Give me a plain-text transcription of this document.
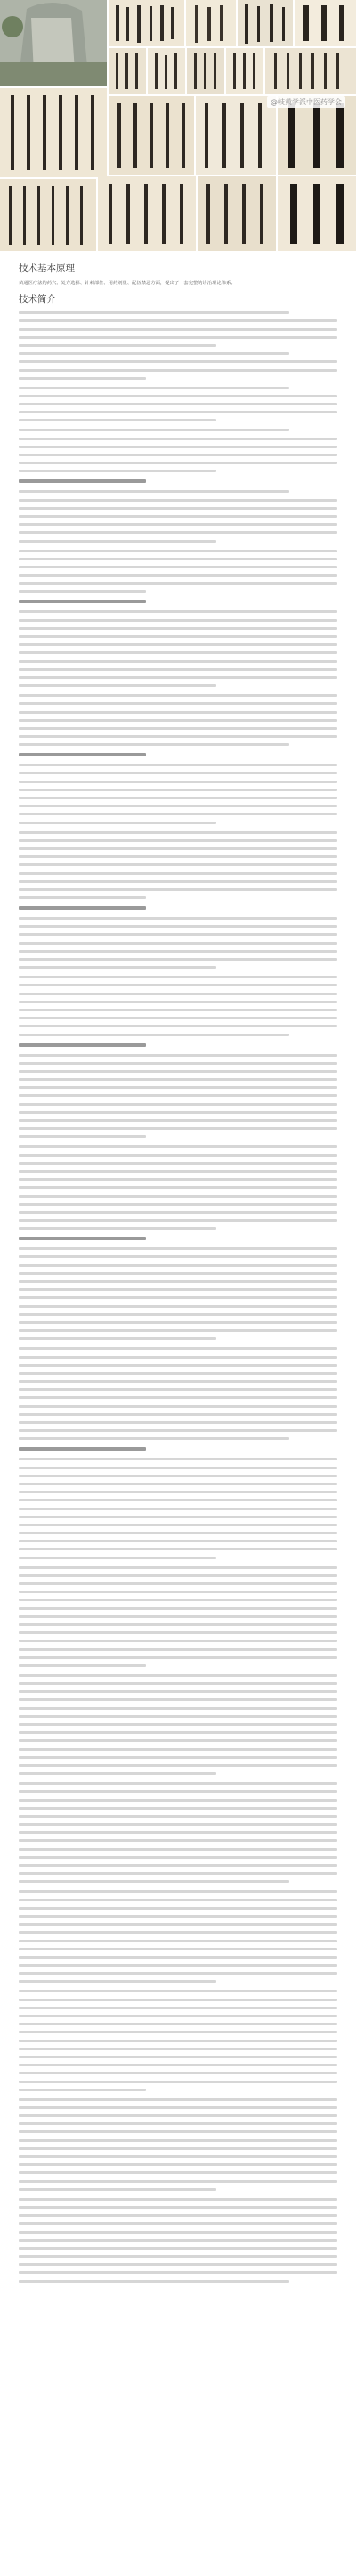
@岐黄学派中医药学会
技术基本原理

苗通医疗法的药穴、处方选择、针刺部位、用药剂量、配伍禁忌方面，提出了一套完整的诊治理论体系。

技术简介
